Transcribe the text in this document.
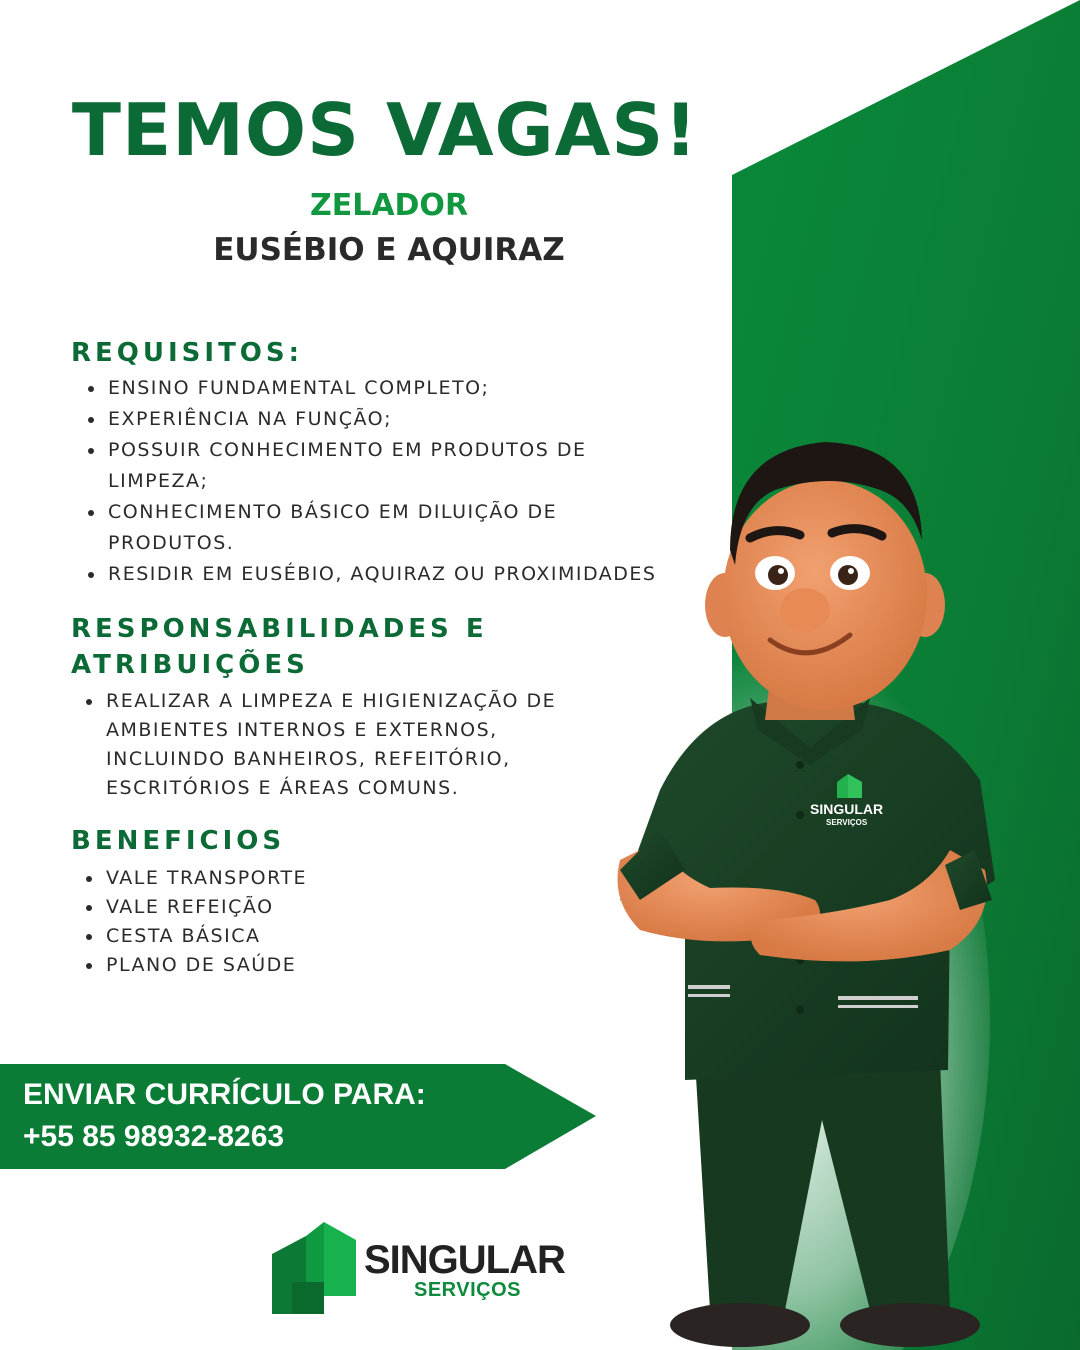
TEMOS VAGAS!
ZELADOR
EUSÉBIO E AQUIRAZ
REQUISITOS:
ENSINO FUNDAMENTAL COMPLETO;
EXPERIÊNCIA NA FUNÇÃO;
POSSUIR CONHECIMENTO EM PRODUTOS DE LIMPEZA;
CONHECIMENTO BÁSICO EM DILUIÇÃO DE PRODUTOS.
RESIDIR EM EUSÉBIO, AQUIRAZ OU PROXIMIDADES
RESPONSABILIDADES E
ATRIBUIÇÕES
REALIZAR A LIMPEZA E HIGIENIZAÇÃO DE AMBIENTES INTERNOS E EXTERNOS, INCLUINDO BANHEIROS, REFEITÓRIO, ESCRITÓRIOS E ÁREAS COMUNS.
BENEFICIOS
VALE TRANSPORTE
VALE REFEIÇÃO
CESTA BÁSICA
PLANO DE SAÚDE
ENVIAR CURRÍCULO PARA:
+55 85 98932-8263
SINGULAR
SERVIÇOS
SINGULAR
SERVIÇOS
